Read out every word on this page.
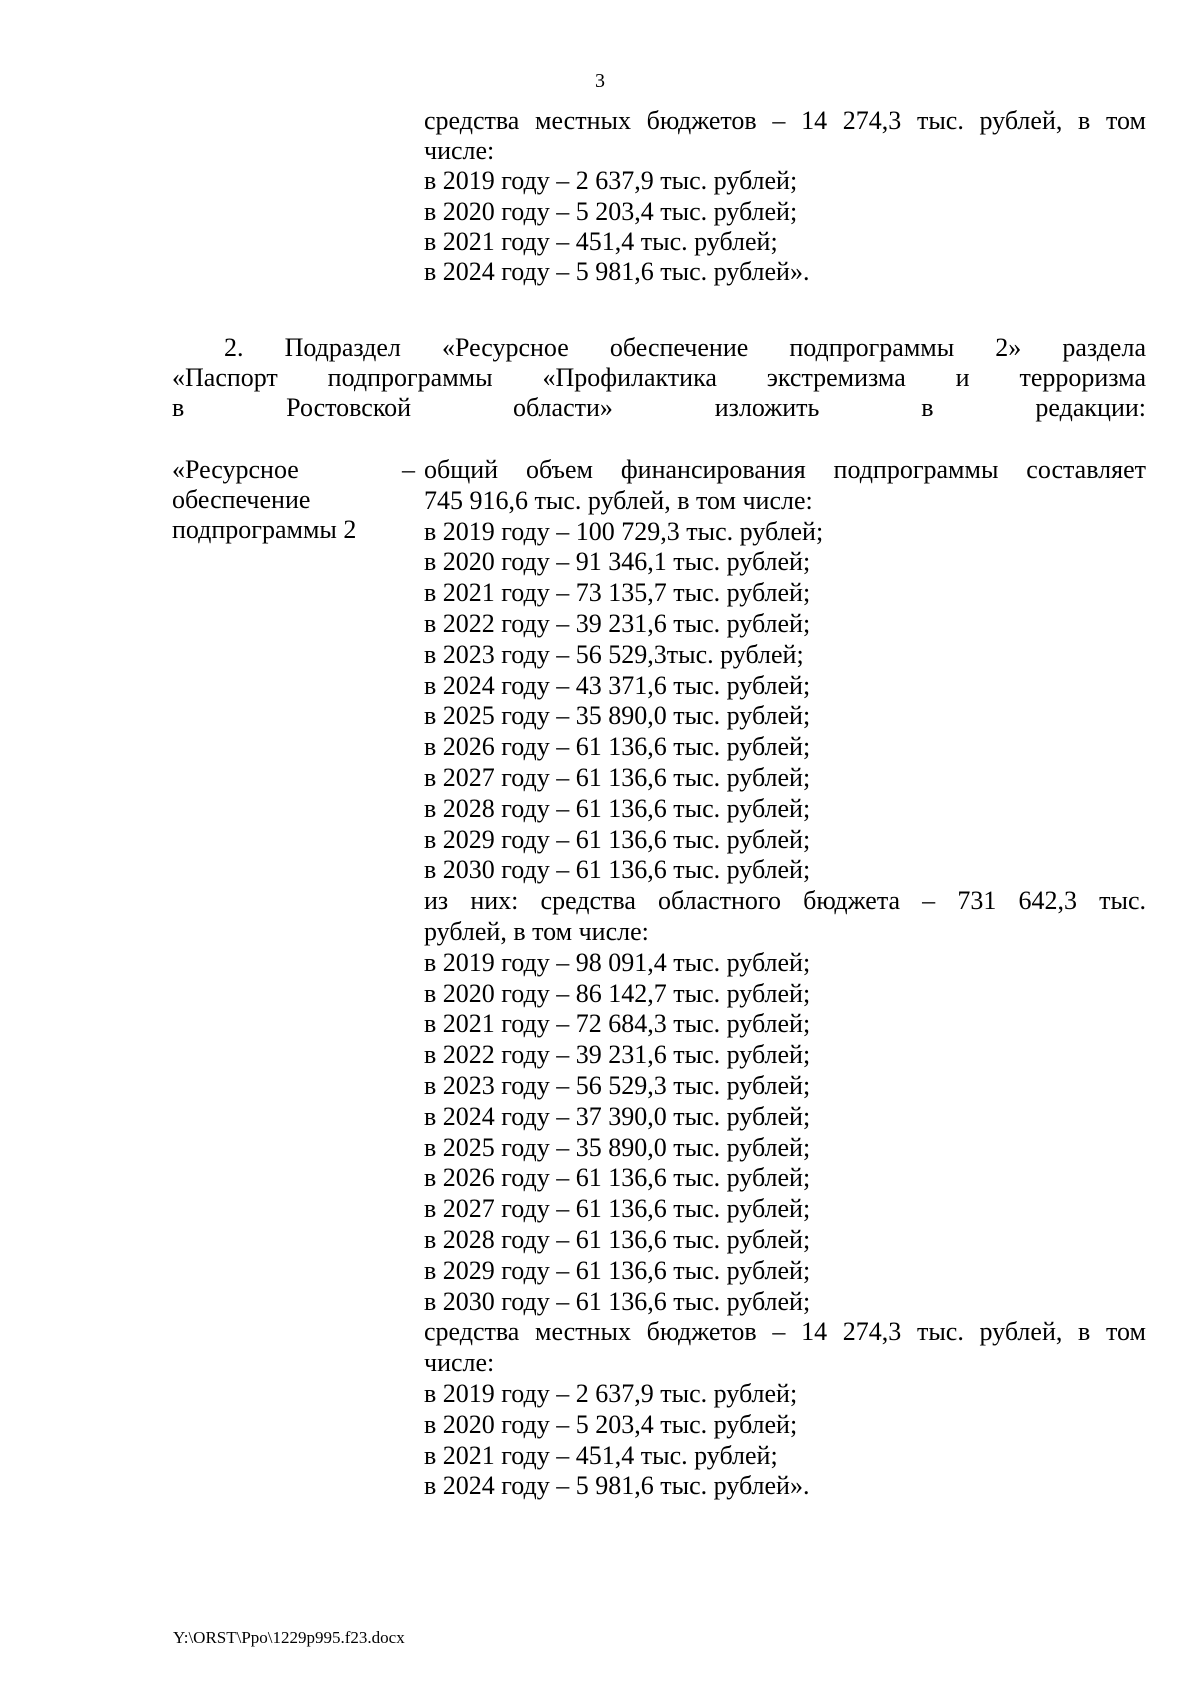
3
средства местных бюджетов – 14 274,3 тыс. рублей, в том
числе:
в 2019 году – 2 637,9 тыс. рублей;
в 2020 году – 5 203,4 тыс. рублей;
в 2021 году – 451,4 тыс. рублей;
в 2024 году – 5 981,6 тыс. рублей».
2. Подраздел «Ресурсное обеспечение подпрограммы 2» раздела
«Паспорт подпрограммы «Профилактика экстремизма и терроризма
в Ростовской области» изложить в редакции:
«Ресурсное
обеспечение
подпрограммы 2
– общий объем финансирования подпрограммы составляет
745 916,6 тыс. рублей, в том числе:
в 2019 году – 100 729,3 тыс. рублей;
в 2020 году – 91 346,1 тыс. рублей;
в 2021 году – 73 135,7 тыс. рублей;
в 2022 году – 39 231,6 тыс. рублей;
в 2023 году – 56 529,3тыс. рублей;
в 2024 году – 43 371,6 тыс. рублей;
в 2025 году – 35 890,0 тыс. рублей;
в 2026 году – 61 136,6 тыс. рублей;
в 2027 году – 61 136,6 тыс. рублей;
в 2028 году – 61 136,6 тыс. рублей;
в 2029 году – 61 136,6 тыс. рублей;
в 2030 году – 61 136,6 тыс. рублей;
из них: средства областного бюджета – 731 642,3 тыс.
рублей, в том числе:
в 2019 году – 98 091,4 тыс. рублей;
в 2020 году – 86 142,7 тыс. рублей;
в 2021 году – 72 684,3 тыс. рублей;
в 2022 году – 39 231,6 тыс. рублей;
в 2023 году – 56 529,3 тыс. рублей;
в 2024 году – 37 390,0 тыс. рублей;
в 2025 году – 35 890,0 тыс. рублей;
в 2026 году – 61 136,6 тыс. рублей;
в 2027 году – 61 136,6 тыс. рублей;
в 2028 году – 61 136,6 тыс. рублей;
в 2029 году – 61 136,6 тыс. рублей;
в 2030 году – 61 136,6 тыс. рублей;
средства местных бюджетов – 14 274,3 тыс. рублей, в том
числе:
в 2019 году – 2 637,9 тыс. рублей;
в 2020 году – 5 203,4 тыс. рублей;
в 2021 году – 451,4 тыс. рублей;
в 2024 году – 5 981,6 тыс. рублей».
Y:\ORST\Ppo\1229p995.f23.docx
